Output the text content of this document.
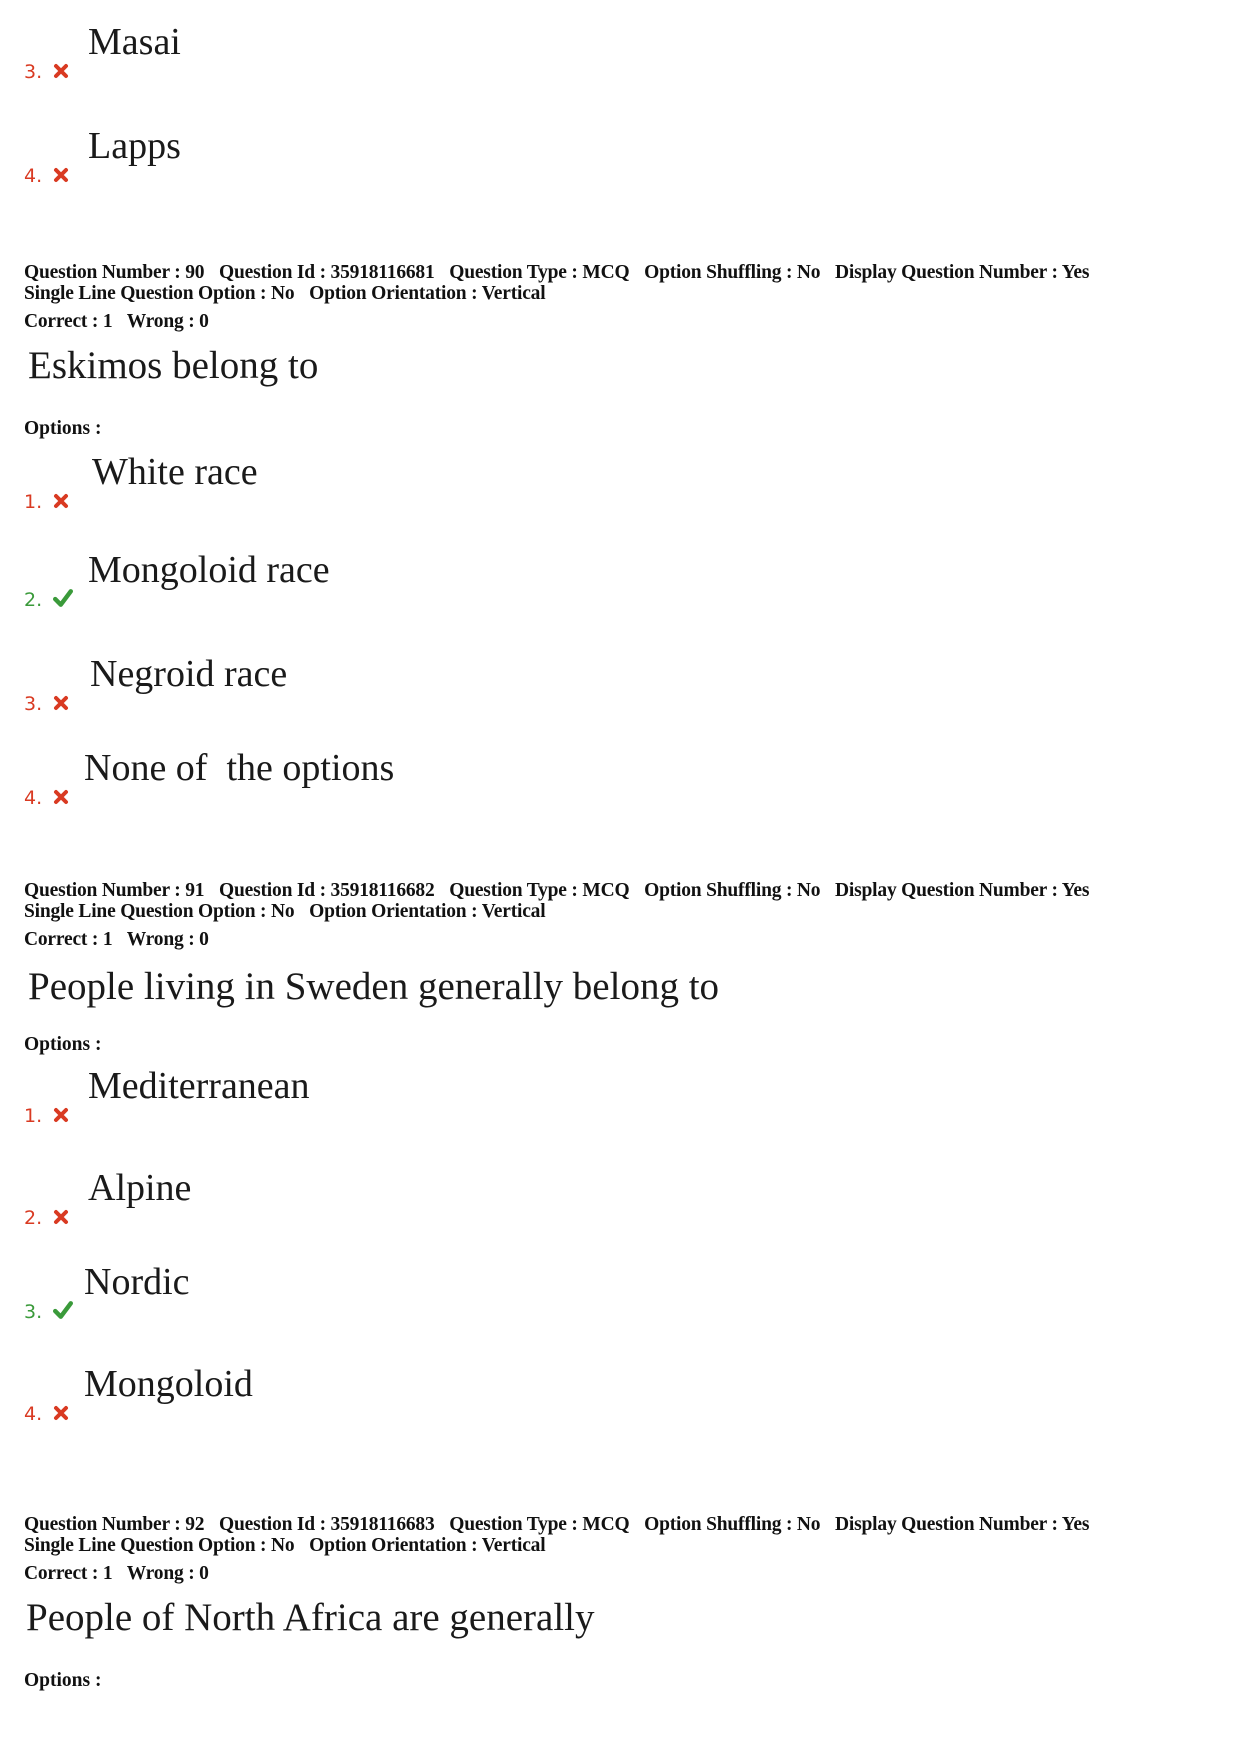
3.
Masai
4.
Lapps
Question Number : 90 Question Id : 35918116681 Question Type : MCQ Option Shuffling : No Display Question Number : Yes
Single Line Question Option : No Option Orientation : Vertical
Correct : 1 Wrong : 0
Eskimos belong to
Options :
1.
White race
2.
Mongoloid race
3.
Negroid race
4.
None of  the options
Question Number : 91 Question Id : 35918116682 Question Type : MCQ Option Shuffling : No Display Question Number : Yes
Single Line Question Option : No Option Orientation : Vertical
Correct : 1 Wrong : 0
People living in Sweden generally belong to
Options :
1.
Mediterranean
2.
Alpine
3.
Nordic
4.
Mongoloid
Question Number : 92 Question Id : 35918116683 Question Type : MCQ Option Shuffling : No Display Question Number : Yes
Single Line Question Option : No Option Orientation : Vertical
Correct : 1 Wrong : 0
People of North Africa are generally
Options :
